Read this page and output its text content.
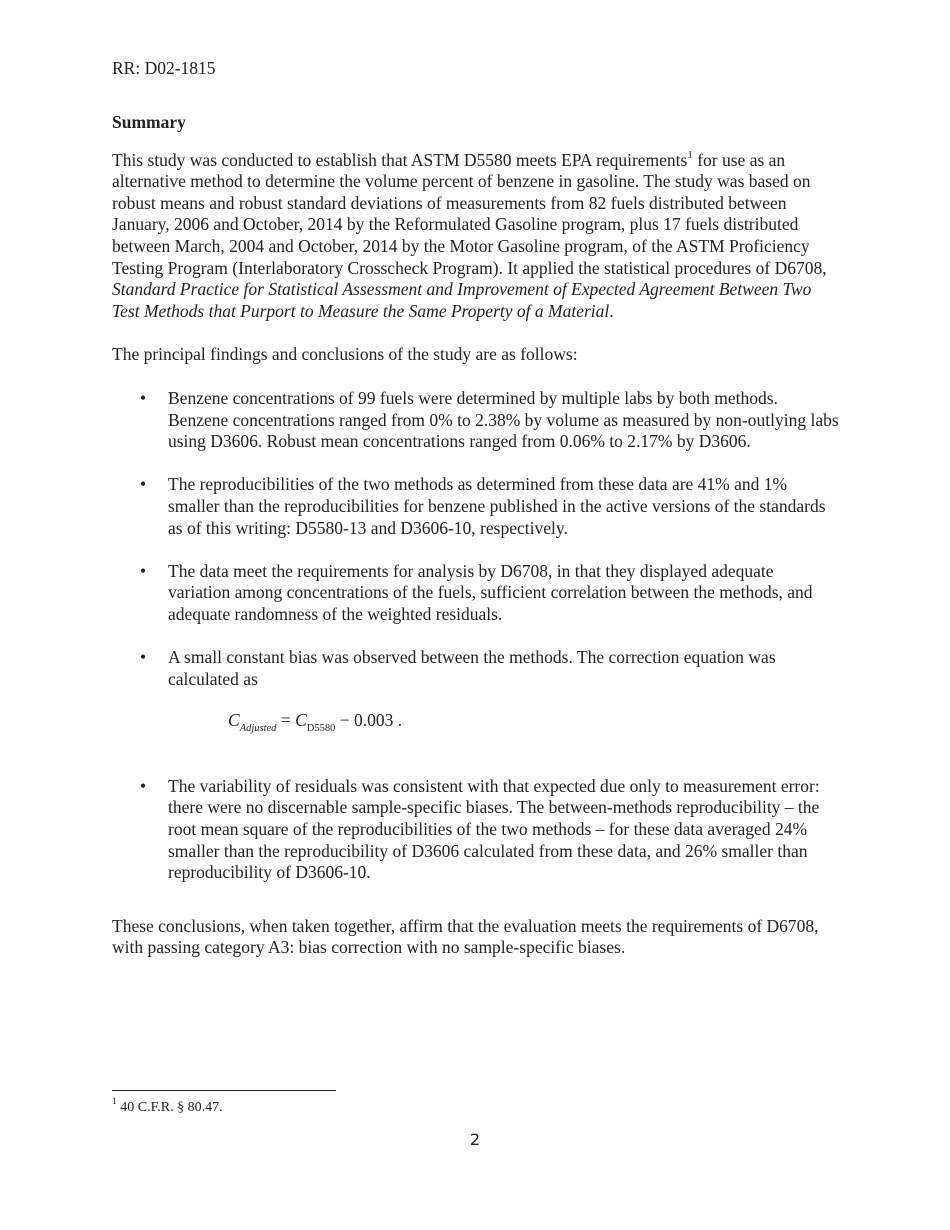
RR: D02-1815

Summary

This study was conducted to establish that ASTM D5580 meets EPA requirements$^1$ for use as an alternative method to determine the volume percent of benzene in gasoline. The study was based on robust means and robust standard deviations of measurements from 82 fuels distributed between January, 2006 and October, 2014 by the Reformulated Gasoline program, plus 17 fuels distributed between March, 2004 and October, 2014 by the Motor Gasoline program, of the ASTM Proficiency Testing Program (Interlaboratory Crosscheck Program). It applied the statistical procedures of D6708, Standard Practice for Statistical Assessment and Improvement of Expected Agreement Between Two Test Methods that Purport to Measure the Same Property of a Material.

The principal findings and conclusions of the study are as follows:

• Benzene concentrations of 99 fuels were determined by multiple labs by both methods. Benzene concentrations ranged from 0% to 2.38% by volume as measured by non-outlying labs using D3606. Robust mean concentrations ranged from 0.06% to 2.17% by D3606.
• The reproducibilities of the two methods as determined from these data are 41% and 1% smaller than the reproducibilities for benzene published in the active versions of the standards as of this writing: D5580-13 and D3606-10, respectively.
• The data meet the requirements for analysis by D6708, in that they displayed adequate variation among concentrations of the fuels, sufficient correlation between the methods, and adequate randomness of the weighted residuals.
• A small constant bias was observed between the methods. The correction equation was calculated as
$C_{Adjusted} = C_{D5580} - 0.003$ .
• The variability of residuals was consistent with that expected due only to measurement error: there were no discernable sample-specific biases. The between-methods reproducibility – the root mean square of the reproducibilities of the two methods – for these data averaged 24% smaller than the reproducibility of D3606 calculated from these data, and 26% smaller than reproducibility of D3606-10.

These conclusions, when taken together, affirm that the evaluation meets the requirements of D6708, with passing category A3: bias correction with no sample-specific biases.

$^1$ 40 C.F.R. § 80.47.
2
